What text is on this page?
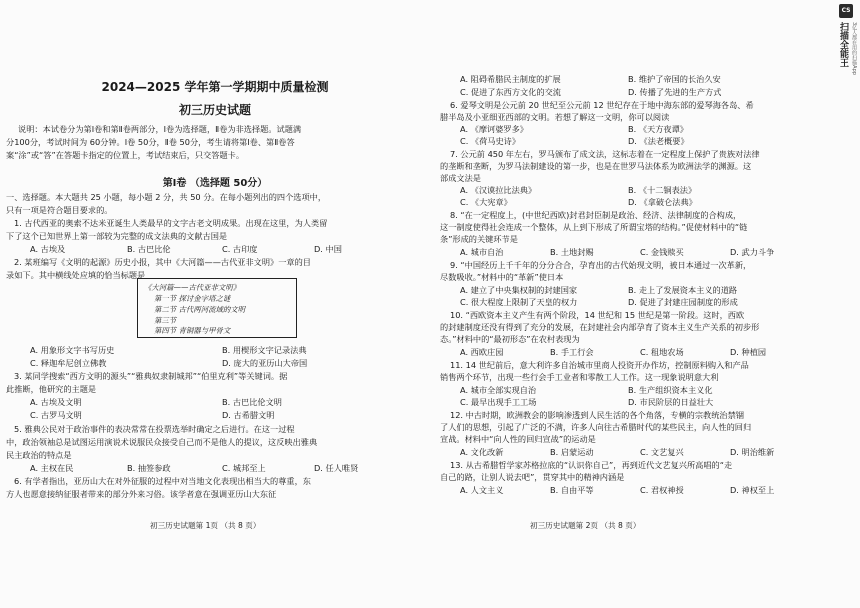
2024—2025 学年第一学期期中质量检测
初三历史试题
说明：本试卷分为第Ⅰ卷和第Ⅱ卷两部分，Ⅰ卷为选择题，Ⅱ卷为非选择题。试题满
分100分，考试时间为 60分钟。Ⅰ卷 50分，Ⅱ卷 50分，考生请将第Ⅰ卷、第Ⅱ卷答
案“涂”或“答”在答题卡指定的位置上，考试结束后，只交答题卡。
第Ⅰ卷 （选择题 50分）
一、选择题。本大题共 25 小题，每小题 2 分，共 50 分。在每小题列出的四个选项中，
只有一项是符合题目要求的。
1. 古代西亚的奥索不达米亚诞生人类最早的文字古老文明成果。出现在这里，为人类留
下了这个已知世界上第一部较为完整的成文法典的文献古国是
A. 古埃及	B. 古巴比伦	C. 古印度	D. 中国
2. 某班编写《文明的起源》历史小报，其中《大河篇——古代亚非文明》一章的目
录如下。其中横线处应填的恰当标题是
《大河篇——古代亚非文明》
第一节 探讨金字塔之谜
第二节 古代两河流域的文明
第三节
第四节 青铜器与甲骨文
A. 用象形文字书写历史	B. 用楔形文字记录法典
C. 释迦牟尼创立佛教	D. 庞大的亚历山大帝国
3. 某同学搜索“西方文明的源头”“雅典奴隶制城邦”“伯里克利”等关键词。据
此推断，他研究的主题是
A. 古埃及文明	B. 古巴比伦文明
C. 古罗马文明	D. 古希腊文明
5. 雅典公民对于政治事件的表决常常在投票选举时确定之后进行。在这一过程
中，政治领袖总是试图运用演说术说服民众接受自己而不是他人的提议，这反映出雅典
民主政治的特点是
A. 主权在民	B. 抽签参政	C. 城邦至上	D. 任人唯贤
6. 有学者指出，亚历山大在对外征服的过程中对当地文化表现出相当大的尊重，东
方人也愿意接纳征服者带来的部分外来习俗。该学者意在强调亚历山大东征
初三历史试题第 1页 （共 8 页）
A. 阻碍希腊民主制度的扩展	B. 维护了帝国的长治久安
C. 促进了东西方文化的交流	D. 传播了先进的生产方式
6. 爱琴文明是公元前 20 世纪至公元前 12 世纪存在于地中海东部的爱琴海各岛、希
腊半岛及小亚细亚西部的文明。若想了解这一文明，你可以阅读
A. 《摩诃婆罗多》	B. 《天方夜谭》
C. 《荷马史诗》	D. 《法老概要》
7. 公元前 450 年左右，罗马颁布了成文法，这标志着在一定程度上保护了贵族对法律
的垄断和垄断，为罗马法制建设的第一步，也是在世罗马法体系为欧洲法学的渊源。这
部成文法是
A. 《汉谟拉比法典》	B. 《十二铜表法》
C. 《大宪章》	D. 《拿破仑法典》
8. “在一定程度上，(中世纪西欧)封君封臣制是政治、经济、法律制度的合构成，
这一制度使得社会连成一个整体，从上到下形成了所谓宝塔的结构。”促使材料中的“链
条”形成的关键环节是
A. 城市自治	B. 土地封赐	C. 金钱赎买	D. 武力斗争
9. “中国经历上千千年的分分合合，孕育出的古代始现文明，被日本通过一次革新，
尽数吸收。”材料中的“革新”使日本
A. 建立了中央集权制的封建国家	B. 走上了发展资本主义的道路
C. 很大程度上限制了天皇的权力	D. 促进了封建庄园制度的形成
10. “西欧资本主义产生有两个阶段，14 世纪和 15 世纪是第一阶段。这时，西欧
的封建制度还没有得到了充分的发展，在封建社会内部孕育了资本主义生产关系的初步形
态。”材料中的“最初形态”在农村表现为
A. 西欧庄园	B. 手工行会	C. 租地农场	D. 种植园
11. 14 世纪前后，意大利许多自治城市里商人投资开办作坊，控制原料购入和产品
销售两个环节，出现一些行会手工业者和零散工人工作。这一现象说明意大利
A. 城市全部实现自治	B. 生产组织资本主义化
C. 最早出现手工工场	D. 市民阶层的日益壮大
12. 中古时期，欧洲教会的影响渗透到人民生活的各个角落，专横的宗教统治禁锢
了人们的思想，引起了广泛的不满，许多人向往古希腊时代的某些民主，向人性的回归
宣战。材料中“向人性的回归宣战”的运动是
A. 文化改新	B. 启蒙运动	C. 文艺复兴	D. 明治维新
13. 从古希腊哲学家苏格拉底的“认识你自己”，再到近代文艺复兴所高唱的“走
自己的路，让别人说去吧”，贯穿其中的精神内涵是
A. 人文主义	B. 自由平等	C. 君权神授	D. 神权至上
初三历史试题第 2页 （共 8 页）
CS
扫描全能王 3亿人都在用的扫描App
